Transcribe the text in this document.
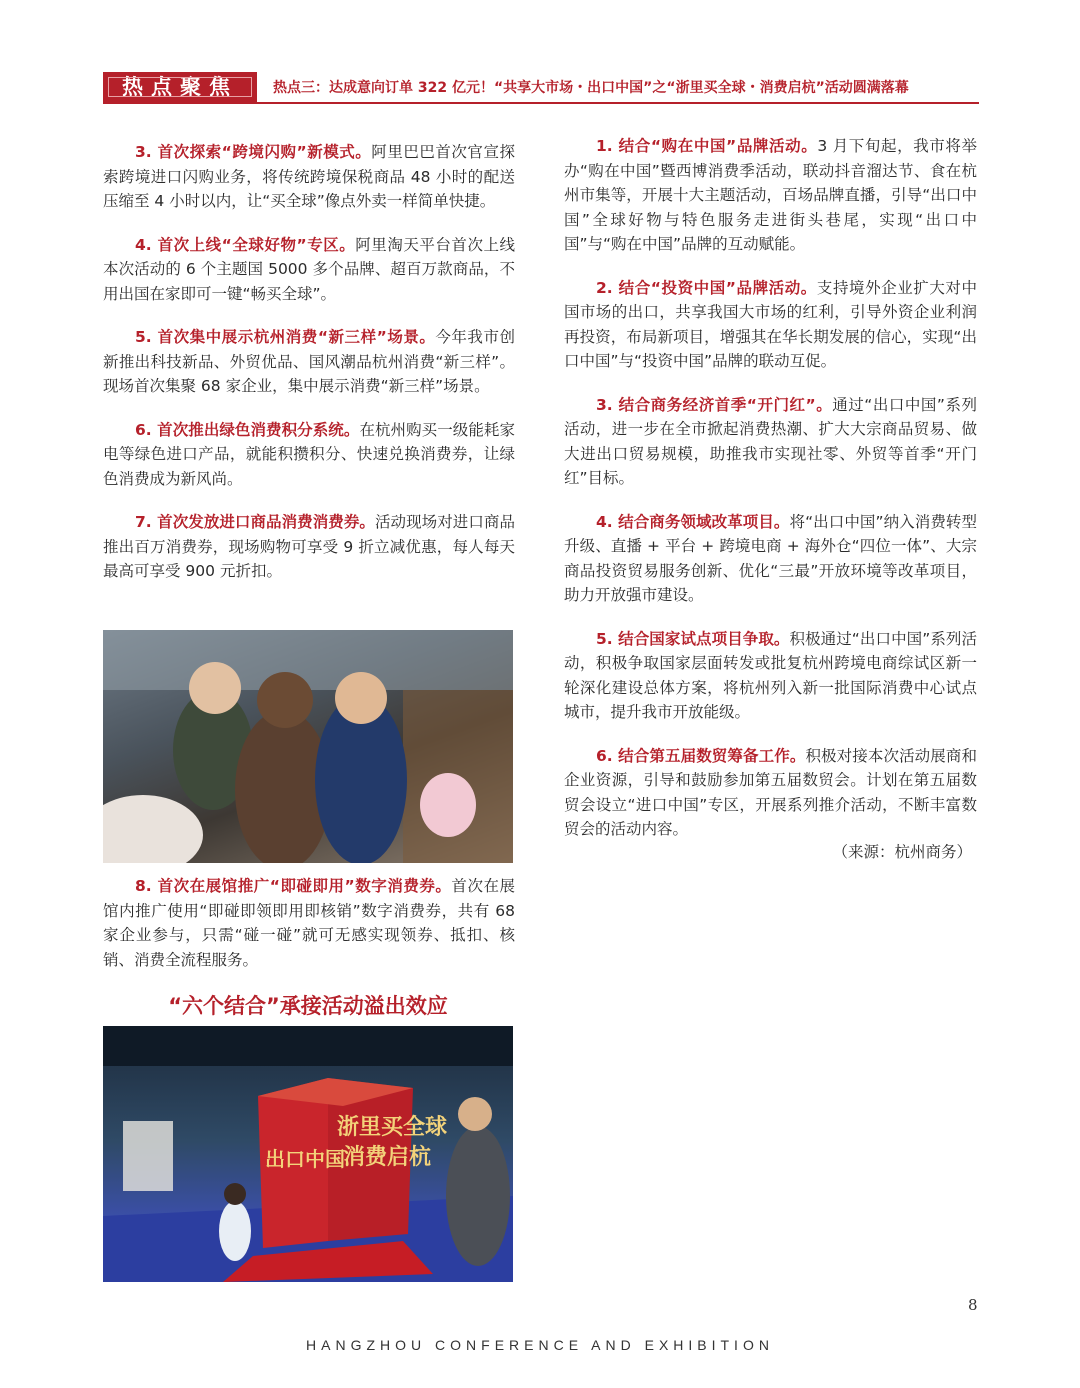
热点聚焦	热点三：达成意向订单 322 亿元！“共享大市场・出口中国”之“浙里买全球・消费启杭”活动圆满落幕

3. 首次探索“跨境闪购”新模式。阿里巴巴首次官宣探索跨境进口闪购业务，将传统跨境保税商品 48 小时的配送压缩至 4 小时以内，让“买全球”像点外卖一样简单快捷。

4. 首次上线“全球好物”专区。阿里淘天平台首次上线本次活动的 6 个主题国 5000 多个品牌、超百万款商品，不用出国在家即可一键“畅买全球”。

5. 首次集中展示杭州消费“新三样”场景。今年我市创新推出科技新品、外贸优品、国风潮品杭州消费“新三样”。现场首次集聚 68 家企业，集中展示消费“新三样”场景。

6. 首次推出绿色消费积分系统。在杭州购买一级能耗家电等绿色进口产品，就能积攒积分、快速兑换消费券，让绿色消费成为新风尚。

7. 首次发放进口商品消费消费券。活动现场对进口商品推出百万消费券，现场购物可享受 9 折立减优惠，每人每天最高可享受 900 元折扣。

8. 首次在展馆推广“即碰即用”数字消费券。首次在展馆内推广使用“即碰即领即用即核销”数字消费券，共有 68 家企业参与，只需“碰一碰”就可无感实现领券、抵扣、核销、消费全流程服务。

“六个结合”承接活动溢出效应
浙里买全球
消费启杭
出口中国

1. 结合“购在中国”品牌活动。3 月下旬起，我市将举办“购在中国”暨西博消费季活动，联动抖音溜达节、食在杭州市集等，开展十大主题活动，百场品牌直播，引导“出口中国”全球好物与特色服务走进街头巷尾，实现“出口中国”与“购在中国”品牌的互动赋能。

2. 结合“投资中国”品牌活动。支持境外企业扩大对中国市场的出口，共享我国大市场的红利，引导外资企业利润再投资，布局新项目，增强其在华长期发展的信心，实现“出口中国”与“投资中国”品牌的联动互促。

3. 结合商务经济首季“开门红”。通过“出口中国”系列活动，进一步在全市掀起消费热潮、扩大大宗商品贸易、做大进出口贸易规模，助推我市实现社零、外贸等首季“开门红”目标。

4. 结合商务领域改革项目。将“出口中国”纳入消费转型升级、直播 + 平台 + 跨境电商 + 海外仓“四位一体”、大宗商品投资贸易服务创新、优化“三最”开放环境等改革项目，助力开放强市建设。

5. 结合国家试点项目争取。积极通过“出口中国”系列活动，积极争取国家层面转发或批复杭州跨境电商综试区新一轮深化建设总体方案，将杭州列入新一批国际消费中心试点城市，提升我市开放能级。

6. 结合第五届数贸筹备工作。积极对接本次活动展商和企业资源，引导和鼓励参加第五届数贸会。计划在第五届数贸会设立“进口中国”专区，开展系列推介活动，不断丰富数贸会的活动内容。

（来源：杭州商务）
8
HANGZHOU CONFERENCE AND EXHIBITION
